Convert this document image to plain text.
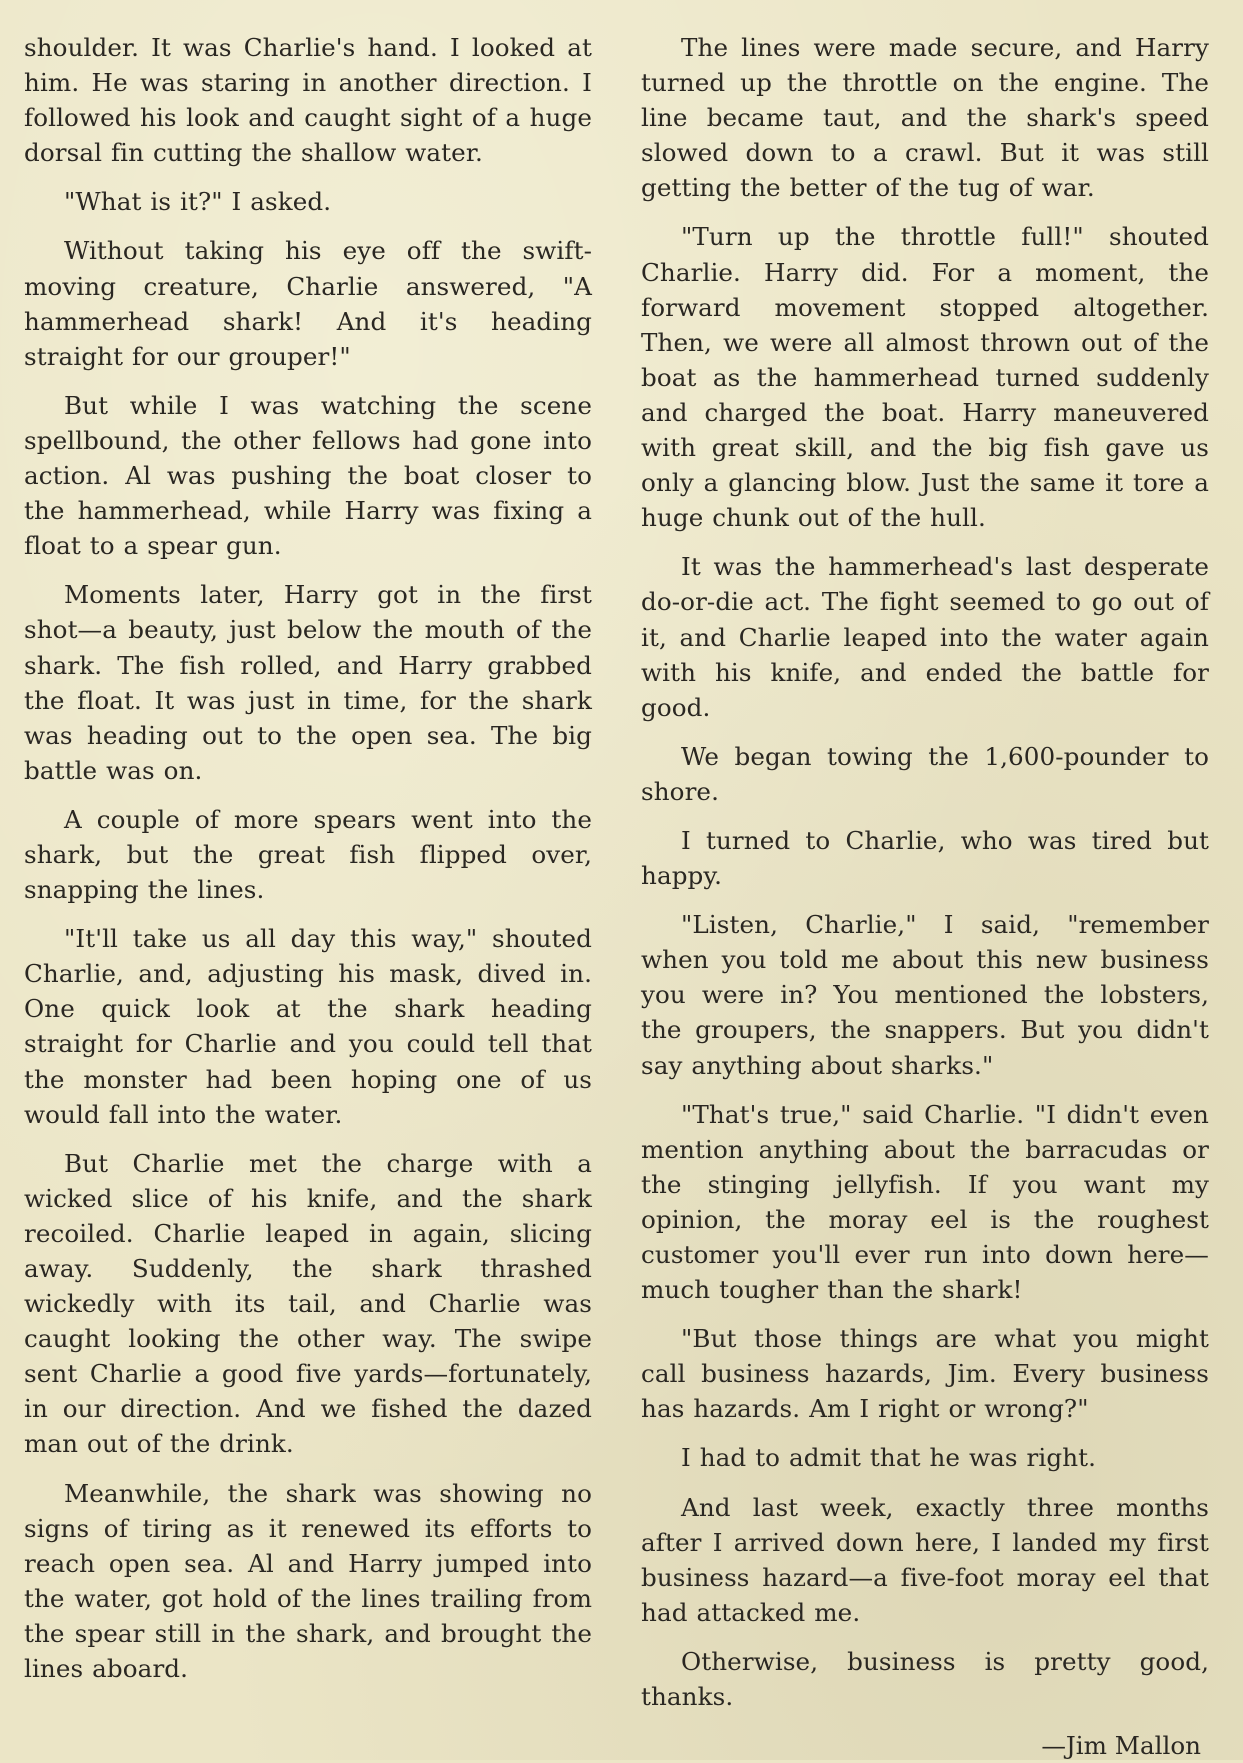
shoulder. It was Charlie's hand. I looked at him. He was staring in another direction. I followed his look and caught sight of a huge dorsal fin cutting the shallow water.

"What is it?" I asked.

Without taking his eye off the swift-moving creature, Charlie answered, "A hammerhead shark! And it's heading straight for our grouper!"

But while I was watching the scene spellbound, the other fellows had gone into action. Al was pushing the boat closer to the hammerhead, while Harry was fixing a float to a spear gun.

Moments later, Harry got in the first shot—a beauty, just below the mouth of the shark. The fish rolled, and Harry grabbed the float. It was just in time, for the shark was heading out to the open sea. The big battle was on.

A couple of more spears went into the shark, but the great fish flipped over, snapping the lines.

"It'll take us all day this way," shouted Charlie, and, adjusting his mask, dived in. One quick look at the shark heading straight for Charlie and you could tell that the monster had been hoping one of us would fall into the water.

But Charlie met the charge with a wicked slice of his knife, and the shark recoiled. Charlie leaped in again, slicing away. Suddenly, the shark thrashed wickedly with its tail, and Charlie was caught looking the other way. The swipe sent Charlie a good five yards—fortunately, in our direction. And we fished the dazed man out of the drink.

Meanwhile, the shark was showing no signs of tiring as it renewed its efforts to reach open sea. Al and Harry jumped into the water, got hold of the lines trailing from the spear still in the shark, and brought the lines aboard.

The lines were made secure, and Harry turned up the throttle on the engine. The line became taut, and the shark's speed slowed down to a crawl. But it was still getting the better of the tug of war.

"Turn up the throttle full!" shouted Charlie. Harry did. For a moment, the forward movement stopped altogether. Then, we were all almost thrown out of the boat as the hammerhead turned suddenly and charged the boat. Harry maneuvered with great skill, and the big fish gave us only a glancing blow. Just the same it tore a huge chunk out of the hull.

It was the hammerhead's last desperate do-or-die act. The fight seemed to go out of it, and Charlie leaped into the water again with his knife, and ended the battle for good.

We began towing the 1,600-pounder to shore.

I turned to Charlie, who was tired but happy.

"Listen, Charlie," I said, "remember when you told me about this new business you were in? You mentioned the lobsters, the groupers, the snappers. But you didn't say anything about sharks."

"That's true," said Charlie. "I didn't even mention anything about the barracudas or the stinging jellyfish. If you want my opinion, the moray eel is the roughest customer you'll ever run into down here—much tougher than the shark!

"But those things are what you might call business hazards, Jim. Every business has hazards. Am I right or wrong?"

I had to admit that he was right.

And last week, exactly three months after I arrived down here, I landed my first business hazard—a five-foot moray eel that had attacked me.

Otherwise, business is pretty good, thanks.

—Jim Mallon
